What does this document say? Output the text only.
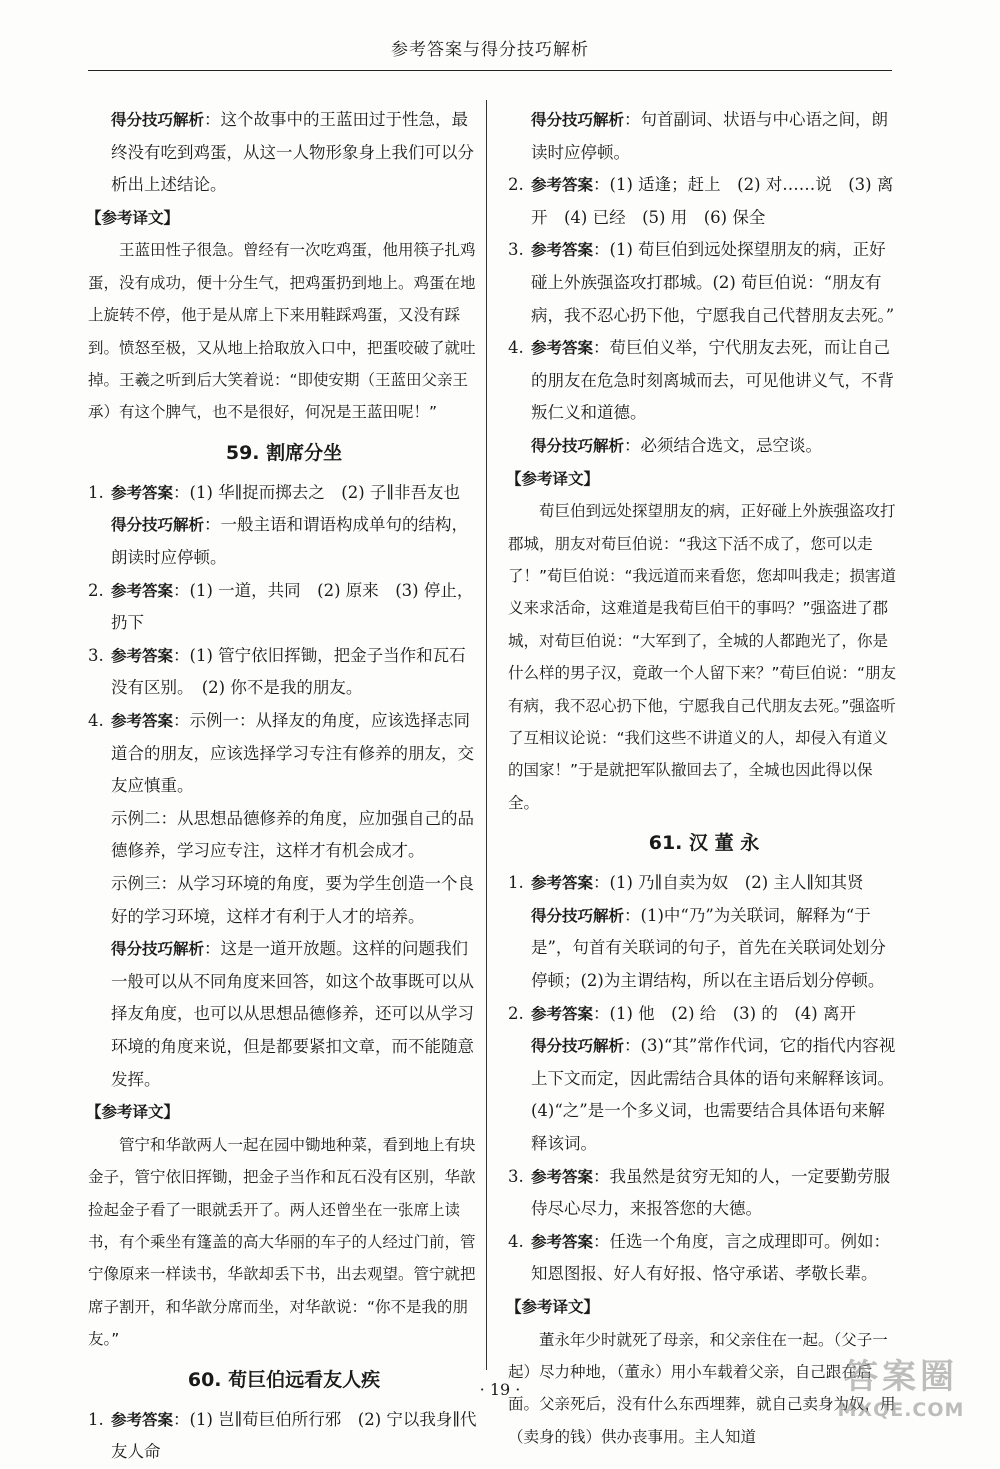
参考答案与得分技巧解析

得分技巧解析：这个故事中的王蓝田过于性急，最终没有吃到鸡蛋，从这一人物形象身上我们可以分析出上述结论。

【参考译文】

王蓝田性子很急。曾经有一次吃鸡蛋，他用筷子扎鸡蛋，没有成功，便十分生气，把鸡蛋扔到地上。鸡蛋在地上旋转不停，他于是从席上下来用鞋踩鸡蛋，又没有踩到。愤怒至极，又从地上拾取放入口中，把蛋咬破了就吐掉。王羲之听到后大笑着说：“即使安期（王蓝田父亲王承）有这个脾气，也不是很好，何况是王蓝田呢！”

59. 割席分坐
1. 参考答案：(1) 华∥捉而掷去之　(2) 子∥非吾友也

得分技巧解析：一般主语和谓语构成单句的结构，朗读时应停顿。

2. 参考答案：(1) 一道，共同　(2) 原来　(3) 停止，扔下

3. 参考答案：(1) 管宁依旧挥锄，把金子当作和瓦石没有区别。　(2) 你不是我的朋友。

4. 参考答案：示例一：从择友的角度，应该选择志同道合的朋友，应该选择学习专注有修养的朋友，交友应慎重。

示例二：从思想品德修养的角度，应加强自己的品德修养，学习应专注，这样才有机会成才。

示例三：从学习环境的角度，要为学生创造一个良好的学习环境，这样才有利于人才的培养。

得分技巧解析：这是一道开放题。这样的问题我们一般可以从不同角度来回答，如这个故事既可以从择友角度，也可以从思想品德修养，还可以从学习环境的角度来说，但是都要紧扣文章，而不能随意发挥。

【参考译文】

管宁和华歆两人一起在园中锄地种菜，看到地上有块金子，管宁依旧挥锄，把金子当作和瓦石没有区别，华歆捡起金子看了一眼就丢开了。两人还曾坐在一张席上读书，有个乘坐有篷盖的高大华丽的车子的人经过门前，管宁像原来一样读书，华歆却丢下书，出去观望。管宁就把席子割开，和华歆分席而坐，对华歆说：“你不是我的朋友。”

60. 荀巨伯远看友人疾
1. 参考答案：(1) 岂∥荀巨伯所行邪　(2) 宁以我身∥代友人命

得分技巧解析：句首副词、状语与中心语之间，朗读时应停顿。

2. 参考答案：(1) 适逢；赶上　(2) 对……说　(3) 离开　(4) 已经　(5) 用　(6) 保全

3. 参考答案：(1) 荀巨伯到远处探望朋友的病，正好碰上外族强盗攻打郡城。(2) 荀巨伯说：“朋友有病，我不忍心扔下他，宁愿我自己代替朋友去死。”

4. 参考答案：荀巨伯义举，宁代朋友去死，而让自己的朋友在危急时刻离城而去，可见他讲义气，不背叛仁义和道德。

得分技巧解析：必须结合选文，忌空谈。

【参考译文】

荀巨伯到远处探望朋友的病，正好碰上外族强盗攻打郡城，朋友对荀巨伯说：“我这下活不成了，您可以走了！”荀巨伯说：“我远道而来看您，您却叫我走；损害道义来求活命，这难道是我荀巨伯干的事吗？”强盗进了郡城，对荀巨伯说：“大军到了，全城的人都跑光了，你是什么样的男子汉，竟敢一个人留下来？”荀巨伯说：“朋友有病，我不忍心扔下他，宁愿我自己代朋友去死。”强盗听了互相议论说：“我们这些不讲道义的人，却侵入有道义的国家！”于是就把军队撤回去了，全城也因此得以保全。

61. 汉 董 永
1. 参考答案：(1) 乃∥自卖为奴　(2) 主人∥知其贤

得分技巧解析：(1)中“乃”为关联词，解释为“于是”，句首有关联词的句子，首先在关联词处划分停顿；(2)为主谓结构，所以在主语后划分停顿。

2. 参考答案：(1) 他　(2) 给　(3) 的　(4) 离开

得分技巧解析：(3)“其”常作代词，它的指代内容视上下文而定，因此需结合具体的语句来解释该词。(4)“之”是一个多义词，也需要结合具体语句来解释该词。

3. 参考答案：我虽然是贫穷无知的人，一定要勤劳服侍尽心尽力，来报答您的大德。

4. 参考答案：任选一个角度，言之成理即可。例如：知恩图报、好人有好报、恪守承诺、孝敬长辈。

【参考译文】

董永年少时就死了母亲，和父亲住在一起。（父子一起）尽力种地，（董永）用小车载着父亲，自己跟在后面。父亲死后，没有什么东西埋葬，就自己卖身为奴，用（卖身的钱）供办丧事用。主人知道

· 19 ·	答案圈
MXQE.COM
